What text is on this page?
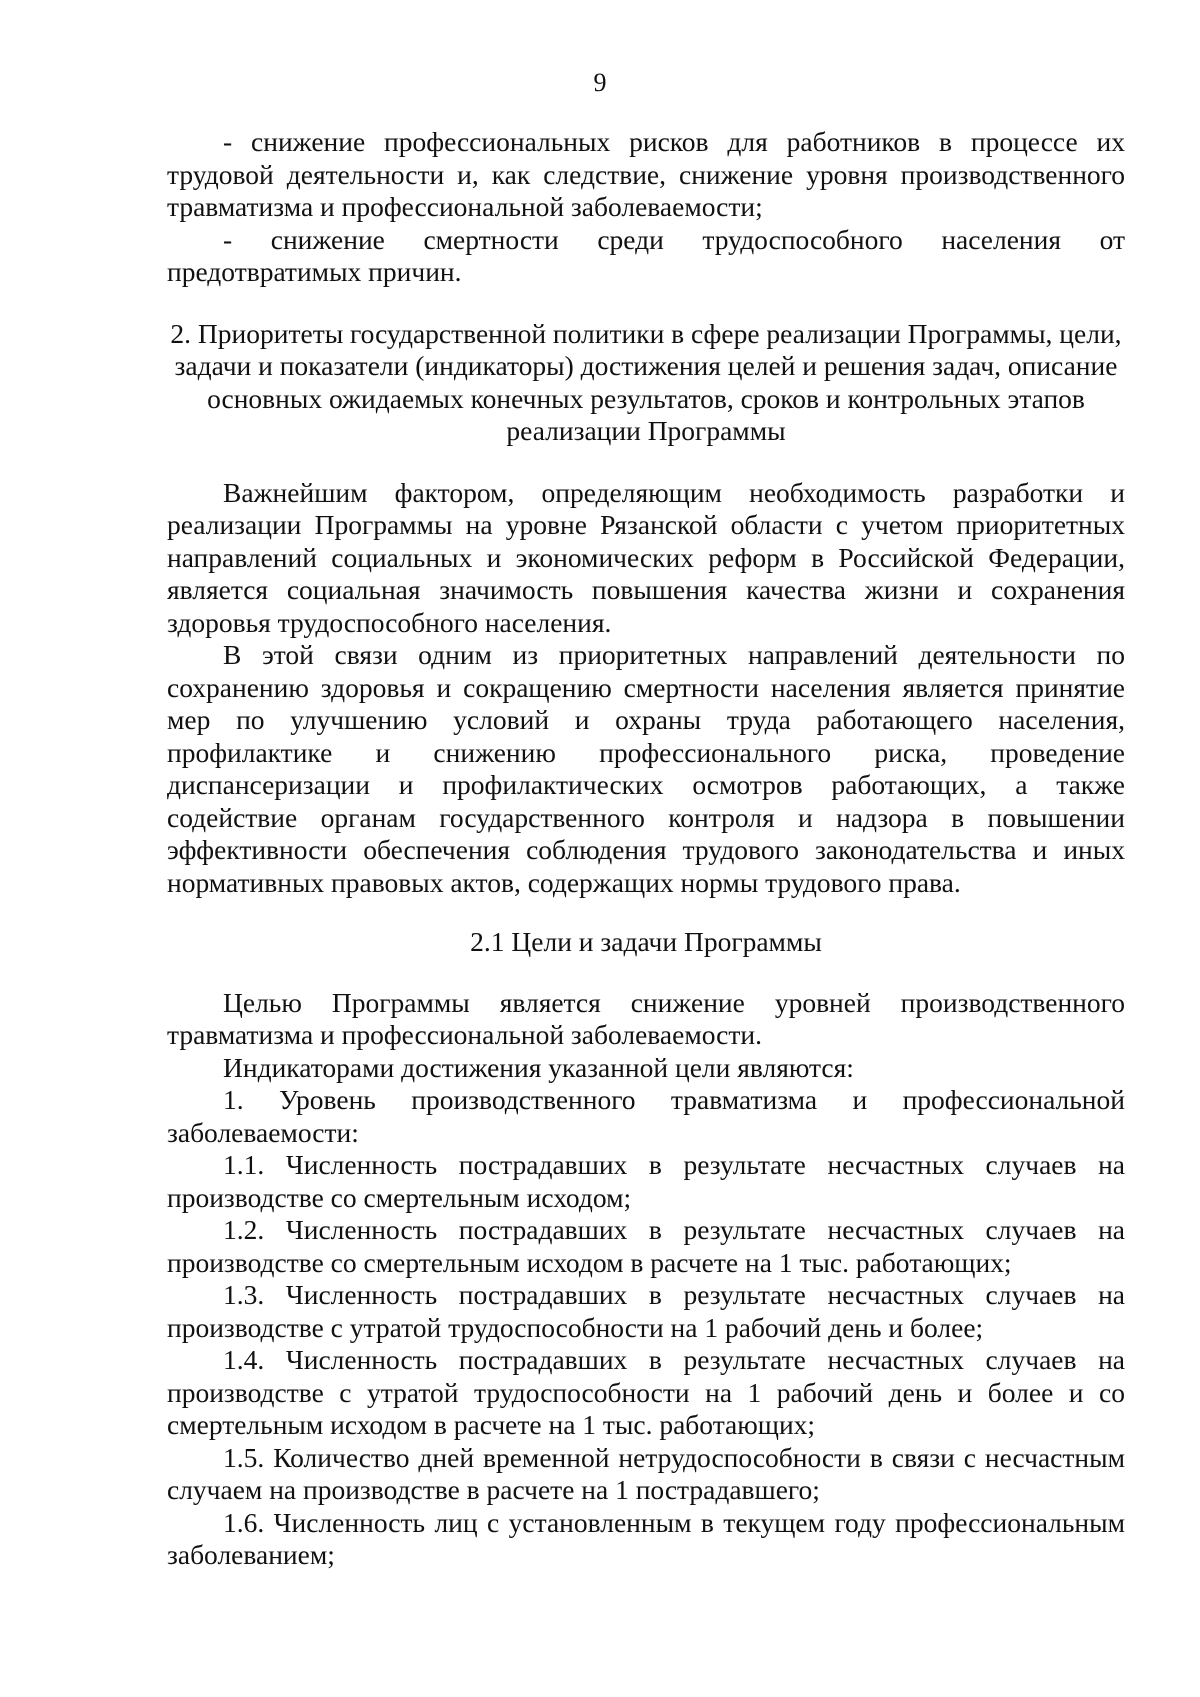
9

- снижение профессиональных рисков для работников в процессе их трудовой деятельности и, как следствие, снижение уровня производственного травматизма и профессиональной заболеваемости;

- снижение смертности среди трудоспособного населения от предотвратимых причин.

2. Приоритеты государственной политики в сфере реализации Программы, цели, задачи и показатели (индикаторы) достижения целей и решения задач, описание основных ожидаемых конечных результатов, сроков и контрольных этапов реализации Программы

Важнейшим фактором, определяющим необходимость разработки и реализации Программы на уровне Рязанской области с учетом приоритетных направлений социальных и экономических реформ в Российской Федерации, является социальная значимость повышения качества жизни и сохранения здоровья трудоспособного населения.

В этой связи одним из приоритетных направлений деятельности по сохранению здоровья и сокращению смертности населения является принятие мер по улучшению условий и охраны труда работающего населения, профилактике и снижению профессионального риска, проведение диспансеризации и профилактических осмотров работающих, а также содействие органам государственного контроля и надзора в повышении эффективности обеспечения соблюдения трудового законодательства и иных нормативных правовых актов, содержащих нормы трудового права.

2.1 Цели и задачи Программы

Целью Программы является снижение уровней производственного травматизма и профессиональной заболеваемости.

Индикаторами достижения указанной цели являются:

1. Уровень производственного травматизма и профессиональной заболеваемости:

1.1. Численность пострадавших в результате несчастных случаев на производстве со смертельным исходом;

1.2. Численность пострадавших в результате несчастных случаев на производстве со смертельным исходом в расчете на 1 тыс. работающих;

1.3. Численность пострадавших в результате несчастных случаев на производстве с утратой трудоспособности на 1 рабочий день и более;

1.4. Численность пострадавших в результате несчастных случаев на производстве с утратой трудоспособности на 1 рабочий день и более и со смертельным исходом в расчете на 1 тыс. работающих;

1.5. Количество дней временной нетрудоспособности в связи с несчастным случаем на производстве в расчете на 1 пострадавшего;

1.6. Численность лиц с установленным в текущем году профессиональным заболеванием;
